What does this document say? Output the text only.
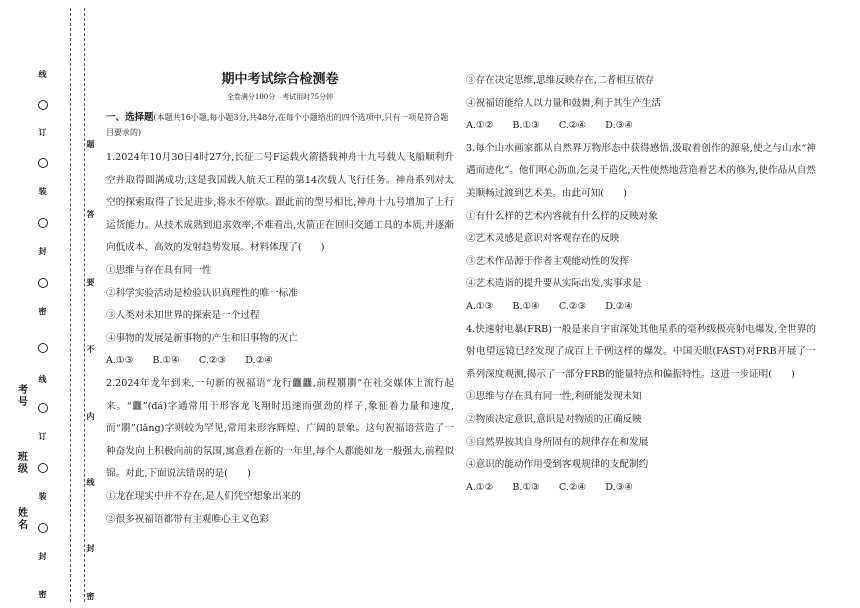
线
订
装
封
密
线
订
装
封
密
题
答
要
不
内
线
封
密
考号
班级
姓名
期中考试综合检测卷
全卷满分100分　考试用时75分钟
一、选择题(本题共16小题,每小题3分,共48分,在每个小题给出的四个选项中,只有一项是符合题目要求的)
1.2024年10月30日4时27分,长征二号F运载火箭搭载神舟十九号载人飞船顺利升空并取得圆满成功,这是我国载人航天工程的第14次载人飞行任务。神舟系列对太空的探索取得了长足进步,将永不停歇。跟此前的型号相比,神舟十九号增加了上行运货能力。从技术成熟到追求效率,不难看出,火箭正在回归交通工具的本质,并逐渐向低成本、高效的发射趋势发展。材料体现了(　　)
①思维与存在具有同一性
②科学实验活动是检验认识真理性的唯一标准
③人类对未知世界的探索是一个过程
④事物的发展是新事物的产生和旧事物的灭亡
A.①③　　B.①④　　C.②③　　D.②④
2.2024年龙年到来,一句新的祝福语“龙行龘龘,前程朤朤”在社交媒体上流行起来。“龘”(dá)字通常用于形容龙飞翔时迅速而强劲的样子,象征着力量和速度,而“朤”(lǎng)字则较为罕见,常用来形容辉煌、广阔的景象。这句祝福语营造了一种奋发向上积极向前的氛围,寓意着在新的一年里,每个人都能如龙一般强大,前程似锦。对此,下面说法错误的是(　　)
①龙在现实中并不存在,是人们凭空想象出来的
②很多祝福语都带有主观唯心主义色彩
③存在决定思维,思维反映存在,二者相互依存
④祝福语能给人以力量和鼓舞,利于其生产生活
A.①②　　B.①③　　C.②④　　D.③④
3.每个山水画家都从自然界万物形态中获得感悟,汲取着创作的源泉,使之与山水“神遇而迹化”。他们呕心沥血,乞灵于造化,天性使然地营造着艺术的修为,使作品从自然美顺畅过渡到艺术美。由此可知(　　)
①有什么样的艺术内容就有什么样的反映对象
②艺术灵感是意识对客观存在的反映
③艺术作品源于作者主观能动性的发挥
④艺术造诣的提升要从实际出发,实事求是
A.①③　　B.①④　　C.②③　　D.②④
4.快速射电暴(FRB)一般是来自宇宙深处其他星系的毫秒级极亮射电爆发,全世界的射电望远镜已经发现了成百上千例这样的爆发。中国天眼(FAST)对FRB开展了一系列深度观测,揭示了一部分FRB的能量特点和偏振特性。这进一步证明(　　)
①思维与存在具有同一性,利研能发现未知
②物质决定意识,意识是对物质的正确反映
③自然界按其自身所固有的规律存在和发展
④意识的能动作用受到客观规律的支配制约
A.①②　　B.①③　　C.②④　　D.③④
